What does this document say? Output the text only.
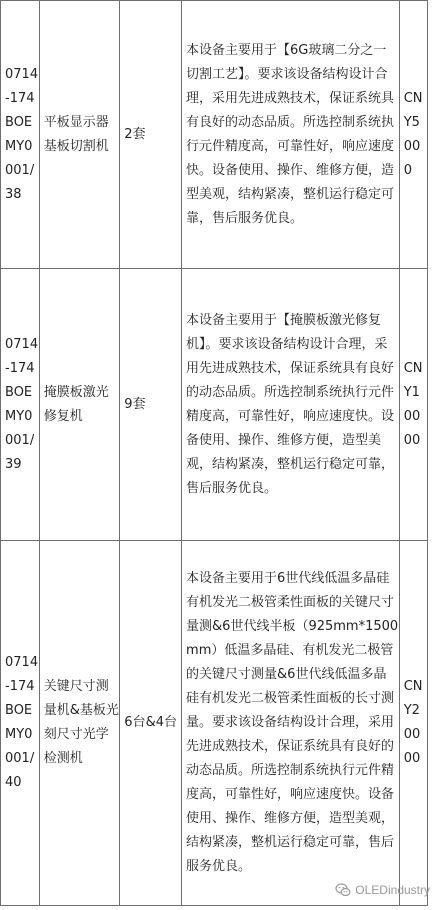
0714-174BOEMY0001/38	平板显示器基板切割机	2套	本设备主要用于【6G玻璃二分之一切割工艺】。要求该设备结构设计合理，采用先进成熟技术，保证系统具有良好的动态品质。所选控制系统执行元件精度高，可靠性好，响应速度快。设备使用、操作、维修方便，造型美观，结构紧凑，整机运行稳定可靠，售后服务优良。	CNY5000

0714-174BOEMY0001/39	掩膜板激光修复机	9套	本设备主要用于【掩膜板激光修复机】。要求该设备结构设计合理，采用先进成熟技术，保证系统具有良好的动态品质。所选控制系统执行元件精度高，可靠性好，响应速度快。设备使用、操作、维修方便，造型美观，结构紧凑，整机运行稳定可靠，售后服务优良。	CNY10000

0714-174BOEMY0001/40	关键尺寸测量机&基板光刻尺寸光学检测机	6台&4台	本设备主要用于6世代线低温多晶硅有机发光二极管柔性面板的关键尺寸量测&6世代线半板（925mm*1500mm）低温多晶硅、有机发光二极管的关键尺寸测量&6世代线低温多晶硅有机发光二极管柔性面板的长寸测量。要求该设备结构设计合理，采用先进成熟技术，保证系统具有良好的动态品质。所选控制系统执行元件精度高，可靠性好，响应速度快。设备使用、操作、维修方便，造型美观，结构紧凑，整机运行稳定可靠，售后服务优良。	CNY20000
OLEDindustry
